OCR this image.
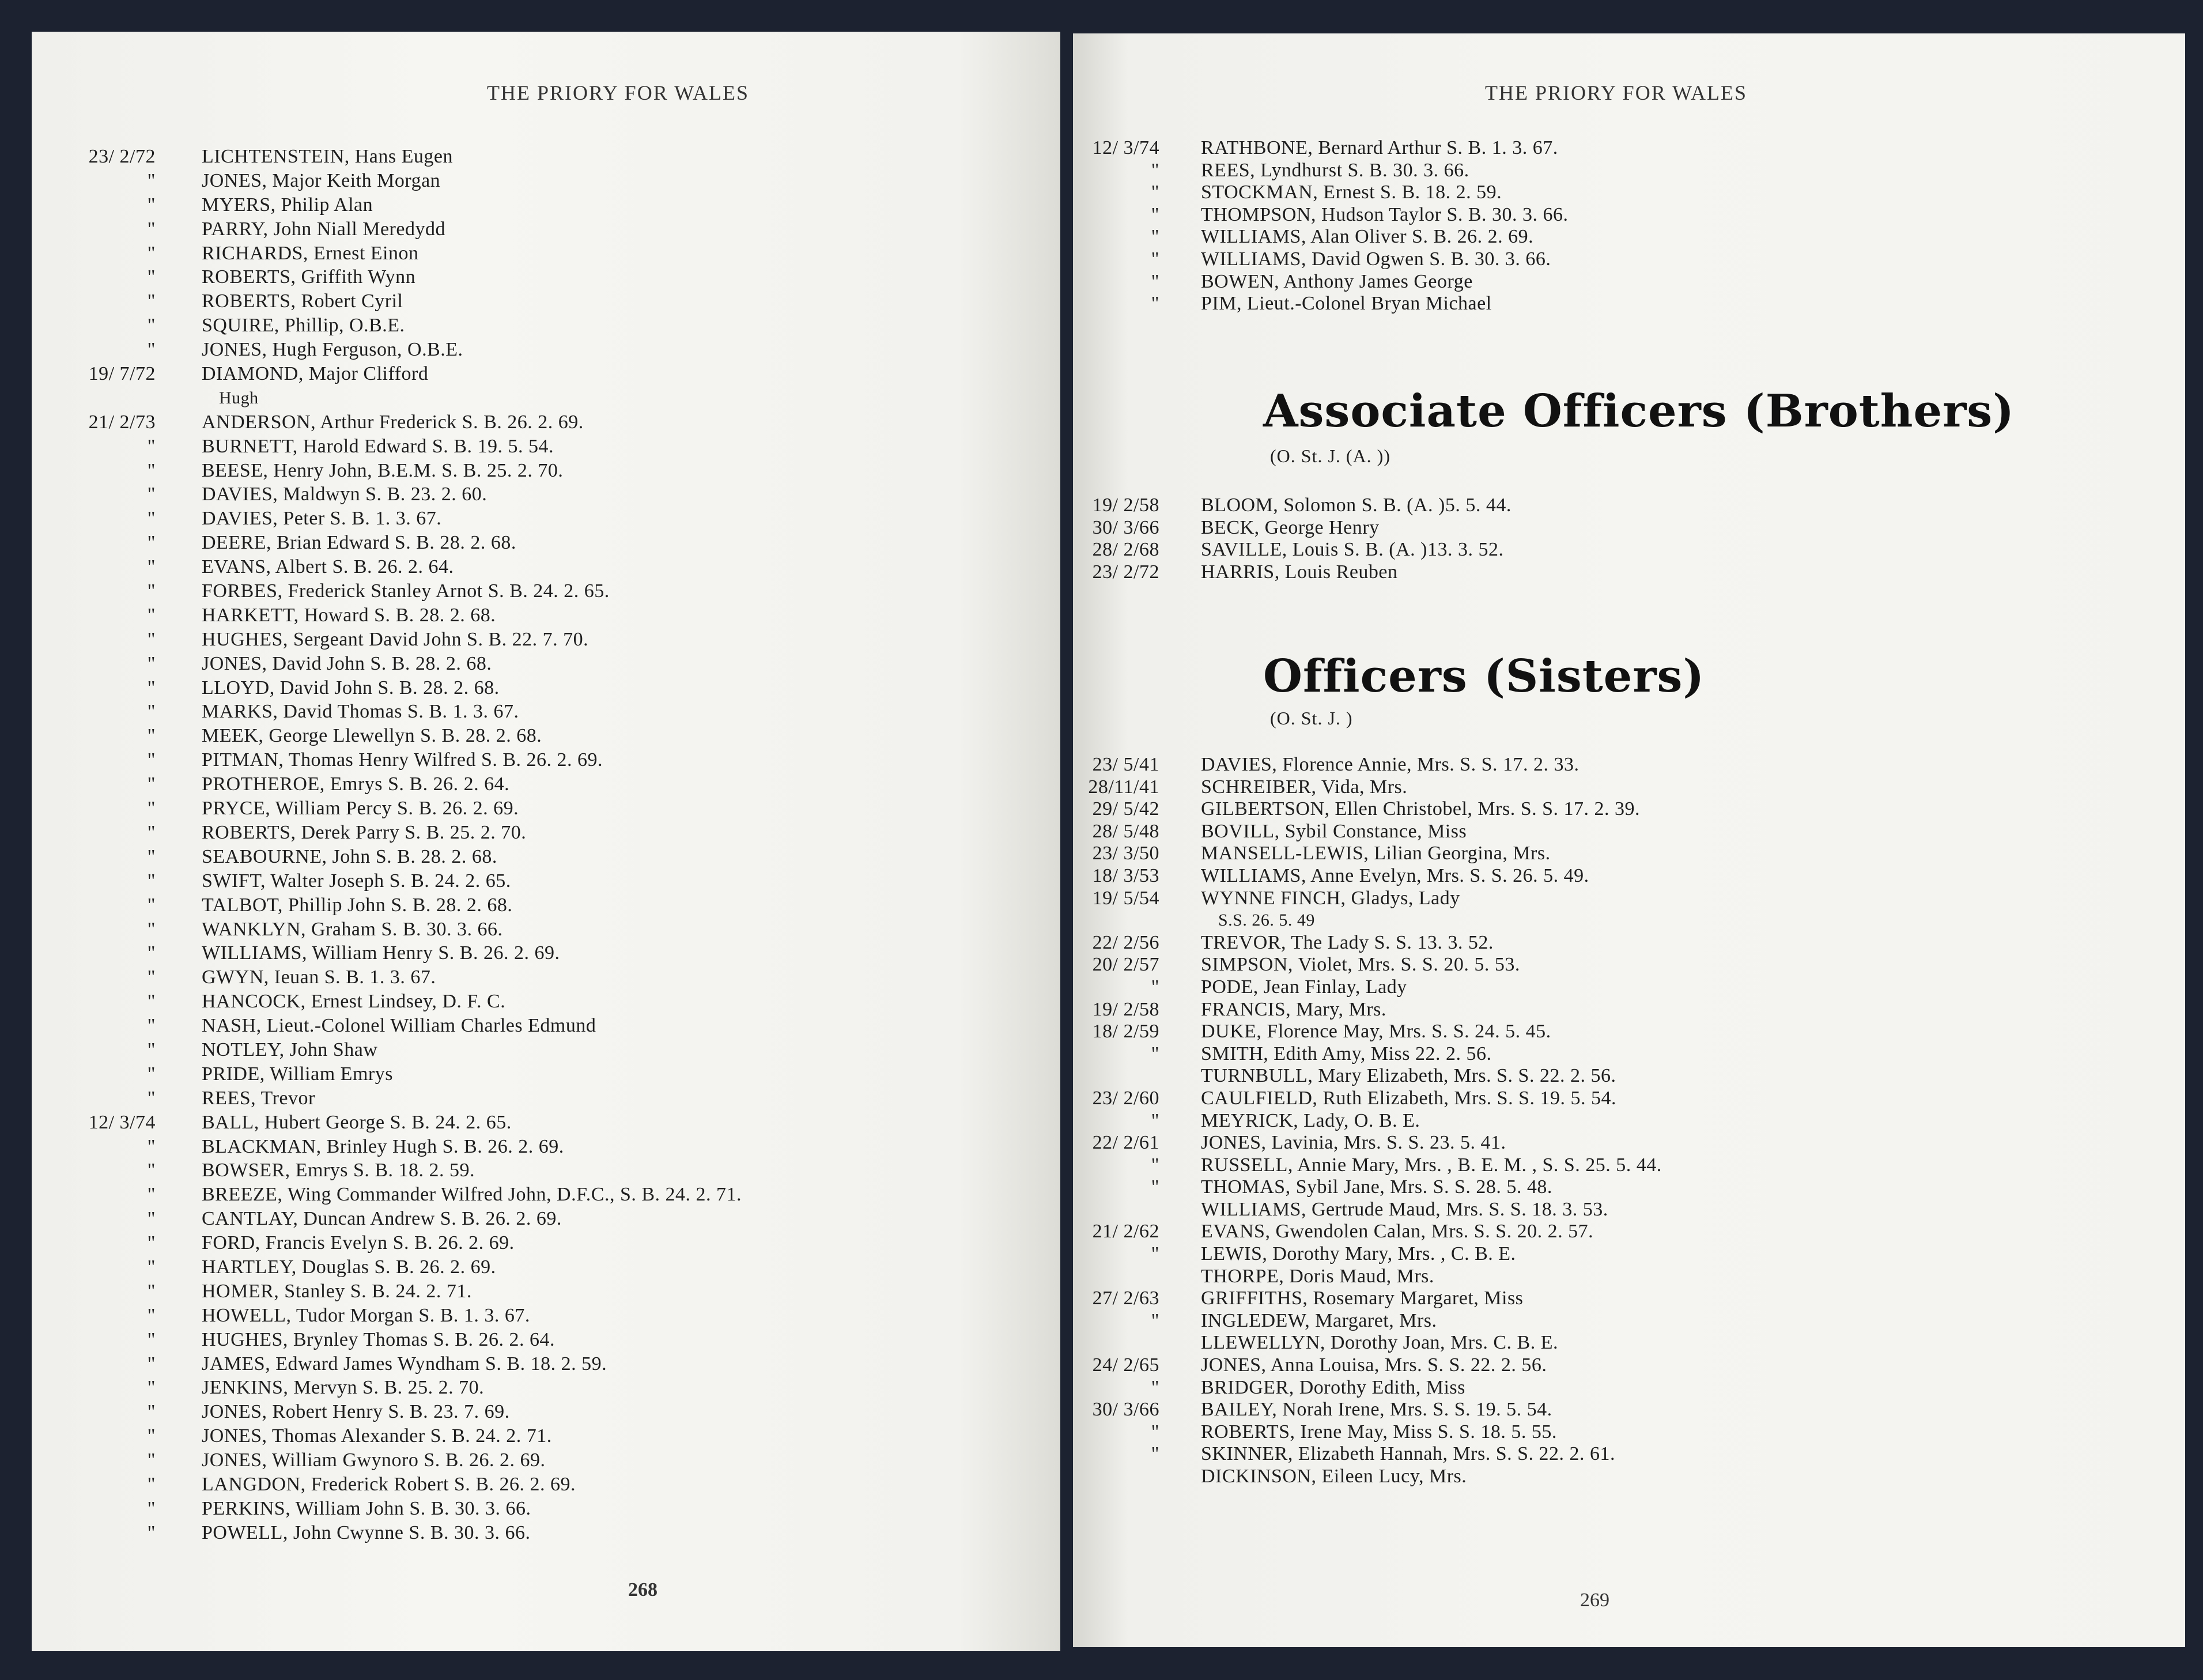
THE PRIORY FOR WALES
23/ 2/72 LICHTENSTEIN, Hans Eugen
" JONES, Major Keith Morgan
" MYERS, Philip Alan
" PARRY, John Niall Meredydd
" RICHARDS, Ernest Einon
" ROBERTS, Griffith Wynn
" ROBERTS, Robert Cyril
" SQUIRE, Phillip, O.B.E.
" JONES, Hugh Ferguson, O.B.E.
19/ 7/72 DIAMOND, Major Clifford
Hugh
21/ 2/73 ANDERSON, Arthur Frederick S. B. 26. 2. 69.
" BURNETT, Harold Edward S. B. 19. 5. 54.
" BEESE, Henry John, B.E.M. S. B. 25. 2. 70.
" DAVIES, Maldwyn S. B. 23. 2. 60.
" DAVIES, Peter S. B. 1. 3. 67.
" DEERE, Brian Edward S. B. 28. 2. 68.
" EVANS, Albert S. B. 26. 2. 64.
" FORBES, Frederick Stanley Arnot S. B. 24. 2. 65.
" HARKETT, Howard S. B. 28. 2. 68.
" HUGHES, Sergeant David John S. B. 22. 7. 70.
" JONES, David John S. B. 28. 2. 68.
" LLOYD, David John S. B. 28. 2. 68.
" MARKS, David Thomas S. B. 1. 3. 67.
" MEEK, George Llewellyn S. B. 28. 2. 68.
" PITMAN, Thomas Henry Wilfred S. B. 26. 2. 69.
" PROTHEROE, Emrys S. B. 26. 2. 64.
" PRYCE, William Percy S. B. 26. 2. 69.
" ROBERTS, Derek Parry S. B. 25. 2. 70.
" SEABOURNE, John S. B. 28. 2. 68.
" SWIFT, Walter Joseph S. B. 24. 2. 65.
" TALBOT, Phillip John S. B. 28. 2. 68.
" WANKLYN, Graham S. B. 30. 3. 66.
" WILLIAMS, William Henry S. B. 26. 2. 69.
" GWYN, Ieuan S. B. 1. 3. 67.
" HANCOCK, Ernest Lindsey, D. F. C.
" NASH, Lieut.-Colonel William Charles Edmund
" NOTLEY, John Shaw
" PRIDE, William Emrys
" REES, Trevor
12/ 3/74 BALL, Hubert George S. B. 24. 2. 65.
" BLACKMAN, Brinley Hugh S. B. 26. 2. 69.
" BOWSER, Emrys S. B. 18. 2. 59.
" BREEZE, Wing Commander Wilfred John, D.F.C., S. B. 24. 2. 71.
" CANTLAY, Duncan Andrew S. B. 26. 2. 69.
" FORD, Francis Evelyn S. B. 26. 2. 69.
" HARTLEY, Douglas S. B. 26. 2. 69.
" HOMER, Stanley S. B. 24. 2. 71.
" HOWELL, Tudor Morgan S. B. 1. 3. 67.
" HUGHES, Brynley Thomas S. B. 26. 2. 64.
" JAMES, Edward James Wyndham S. B. 18. 2. 59.
" JENKINS, Mervyn S. B. 25. 2. 70.
" JONES, Robert Henry S. B. 23. 7. 69.
" JONES, Thomas Alexander S. B. 24. 2. 71.
" JONES, William Gwynoro S. B. 26. 2. 69.
" LANGDON, Frederick Robert S. B. 26. 2. 69.
" PERKINS, William John S. B. 30. 3. 66.
" POWELL, John Cwynne S. B. 30. 3. 66.
268
THE PRIORY FOR WALES
12/ 3/74 RATHBONE, Bernard Arthur S. B. 1. 3. 67.
" REES, Lyndhurst S. B. 30. 3. 66.
" STOCKMAN, Ernest S. B. 18. 2. 59.
" THOMPSON, Hudson Taylor S. B. 30. 3. 66.
" WILLIAMS, Alan Oliver S. B. 26. 2. 69.
" WILLIAMS, David Ogwen S. B. 30. 3. 66.
" BOWEN, Anthony James George
" PIM, Lieut.-Colonel Bryan Michael
Associate Officers (Brothers)
(O. St. J. (A. ))
19/ 2/58 BLOOM, Solomon S. B. (A. )5. 5. 44.
30/ 3/66 BECK, George Henry
28/ 2/68 SAVILLE, Louis S. B. (A. )13. 3. 52.
23/ 2/72 HARRIS, Louis Reuben
Officers (Sisters)
(O. St. J. )
23/ 5/41 DAVIES, Florence Annie, Mrs. S. S. 17. 2. 33.
28/11/41 SCHREIBER, Vida, Mrs.
29/ 5/42 GILBERTSON, Ellen Christobel, Mrs. S. S. 17. 2. 39.
28/ 5/48 BOVILL, Sybil Constance, Miss
23/ 3/50 MANSELL-LEWIS, Lilian Georgina, Mrs.
18/ 3/53 WILLIAMS, Anne Evelyn, Mrs. S. S. 26. 5. 49.
19/ 5/54 WYNNE FINCH, Gladys, Lady
S.S. 26. 5. 49
22/ 2/56 TREVOR, The Lady S. S. 13. 3. 52.
20/ 2/57 SIMPSON, Violet, Mrs. S. S. 20. 5. 53.
" PODE, Jean Finlay, Lady
19/ 2/58 FRANCIS, Mary, Mrs.
18/ 2/59 DUKE, Florence May, Mrs. S. S. 24. 5. 45.
" SMITH, Edith Amy, Miss 22. 2. 56.
TURNBULL, Mary Elizabeth, Mrs. S. S. 22. 2. 56.
23/ 2/60 CAULFIELD, Ruth Elizabeth, Mrs. S. S. 19. 5. 54.
" MEYRICK, Lady, O. B. E.
22/ 2/61 JONES, Lavinia, Mrs. S. S. 23. 5. 41.
" RUSSELL, Annie Mary, Mrs. , B. E. M. , S. S. 25. 5. 44.
" THOMAS, Sybil Jane, Mrs. S. S. 28. 5. 48.
WILLIAMS, Gertrude Maud, Mrs. S. S. 18. 3. 53.
21/ 2/62 EVANS, Gwendolen Calan, Mrs. S. S. 20. 2. 57.
" LEWIS, Dorothy Mary, Mrs. , C. B. E.
THORPE, Doris Maud, Mrs.
27/ 2/63 GRIFFITHS, Rosemary Margaret, Miss
" INGLEDEW, Margaret, Mrs.
LLEWELLYN, Dorothy Joan, Mrs. C. B. E.
24/ 2/65 JONES, Anna Louisa, Mrs. S. S. 22. 2. 56.
" BRIDGER, Dorothy Edith, Miss
30/ 3/66 BAILEY, Norah Irene, Mrs. S. S. 19. 5. 54.
" ROBERTS, Irene May, Miss S. S. 18. 5. 55.
" SKINNER, Elizabeth Hannah, Mrs. S. S. 22. 2. 61.
DICKINSON, Eileen Lucy, Mrs.
269
